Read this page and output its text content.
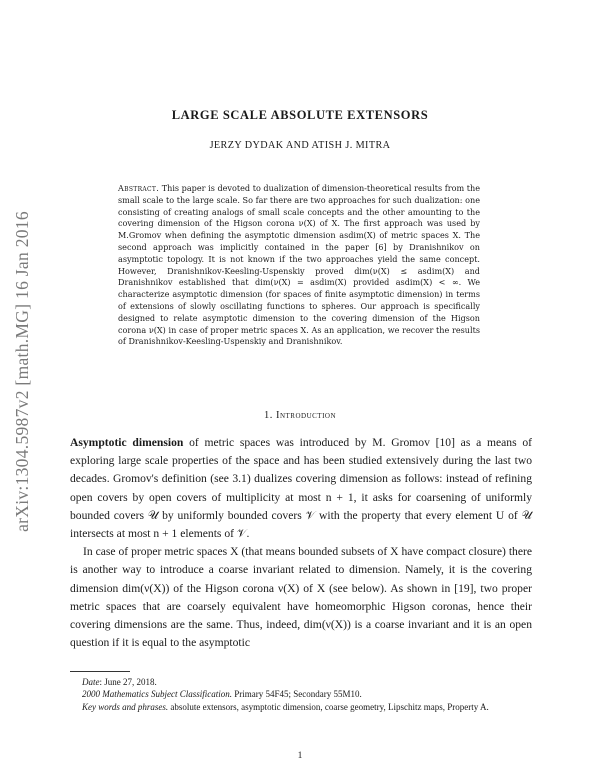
arXiv:1304.5987v2 [math.MG] 16 Jan 2016
LARGE SCALE ABSOLUTE EXTENSORS
JERZY DYDAK AND ATISH J. MITRA

Abstract. This paper is devoted to dualization of dimension-theoretical results from the small scale to the large scale. So far there are two approaches for such dualization: one consisting of creating analogs of small scale concepts and the other amounting to the covering dimension of the Higson corona ν(X) of X. The first approach was used by M.Gromov when defining the asymptotic dimension asdim(X) of metric spaces X. The second approach was implicitly contained in the paper [6] by Dranishnikov on asymptotic topology. It is not known if the two approaches yield the same concept. However, Dranishnikov-Keesling-Uspenskiy proved dim(ν(X) ≤ asdim(X) and Dranishnikov established that dim(ν(X) = asdim(X) provided asdim(X) < ∞. We characterize asymptotic dimension (for spaces of finite asymptotic dimension) in terms of extensions of slowly oscillating functions to spheres. Our approach is specifically designed to relate asymptotic dimension to the covering dimension of the Higson corona ν(X) in case of proper metric spaces X. As an application, we recover the results of Dranishnikov-Keesling-Uspenskiy and Dranishnikov.

1. Introduction

Asymptotic dimension of metric spaces was introduced by M. Gromov [10] as a means of exploring large scale properties of the space and has been studied extensively during the last two decades. Gromov's definition (see 3.1) dualizes covering dimension as follows: instead of refining open covers by open covers of multiplicity at most n + 1, it asks for coarsening of uniformly bounded covers 𝒰 by uniformly bounded covers 𝒱 with the property that every element U of 𝒰 intersects at most n + 1 elements of 𝒱.

In case of proper metric spaces X (that means bounded subsets of X have compact closure) there is another way to introduce a coarse invariant related to dimension. Namely, it is the covering dimension dim(ν(X)) of the Higson corona ν(X) of X (see below). As shown in [19], two proper metric spaces that are coarsely equivalent have homeomorphic Higson coronas, hence their covering dimensions are the same. Thus, indeed, dim(ν(X)) is a coarse invariant and it is an open question if it is equal to the asymptotic

Date: June 27, 2018.
2000 Mathematics Subject Classification. Primary 54F45; Secondary 55M10.
Key words and phrases. absolute extensors, asymptotic dimension, coarse geometry, Lipschitz maps, Property A.
1
